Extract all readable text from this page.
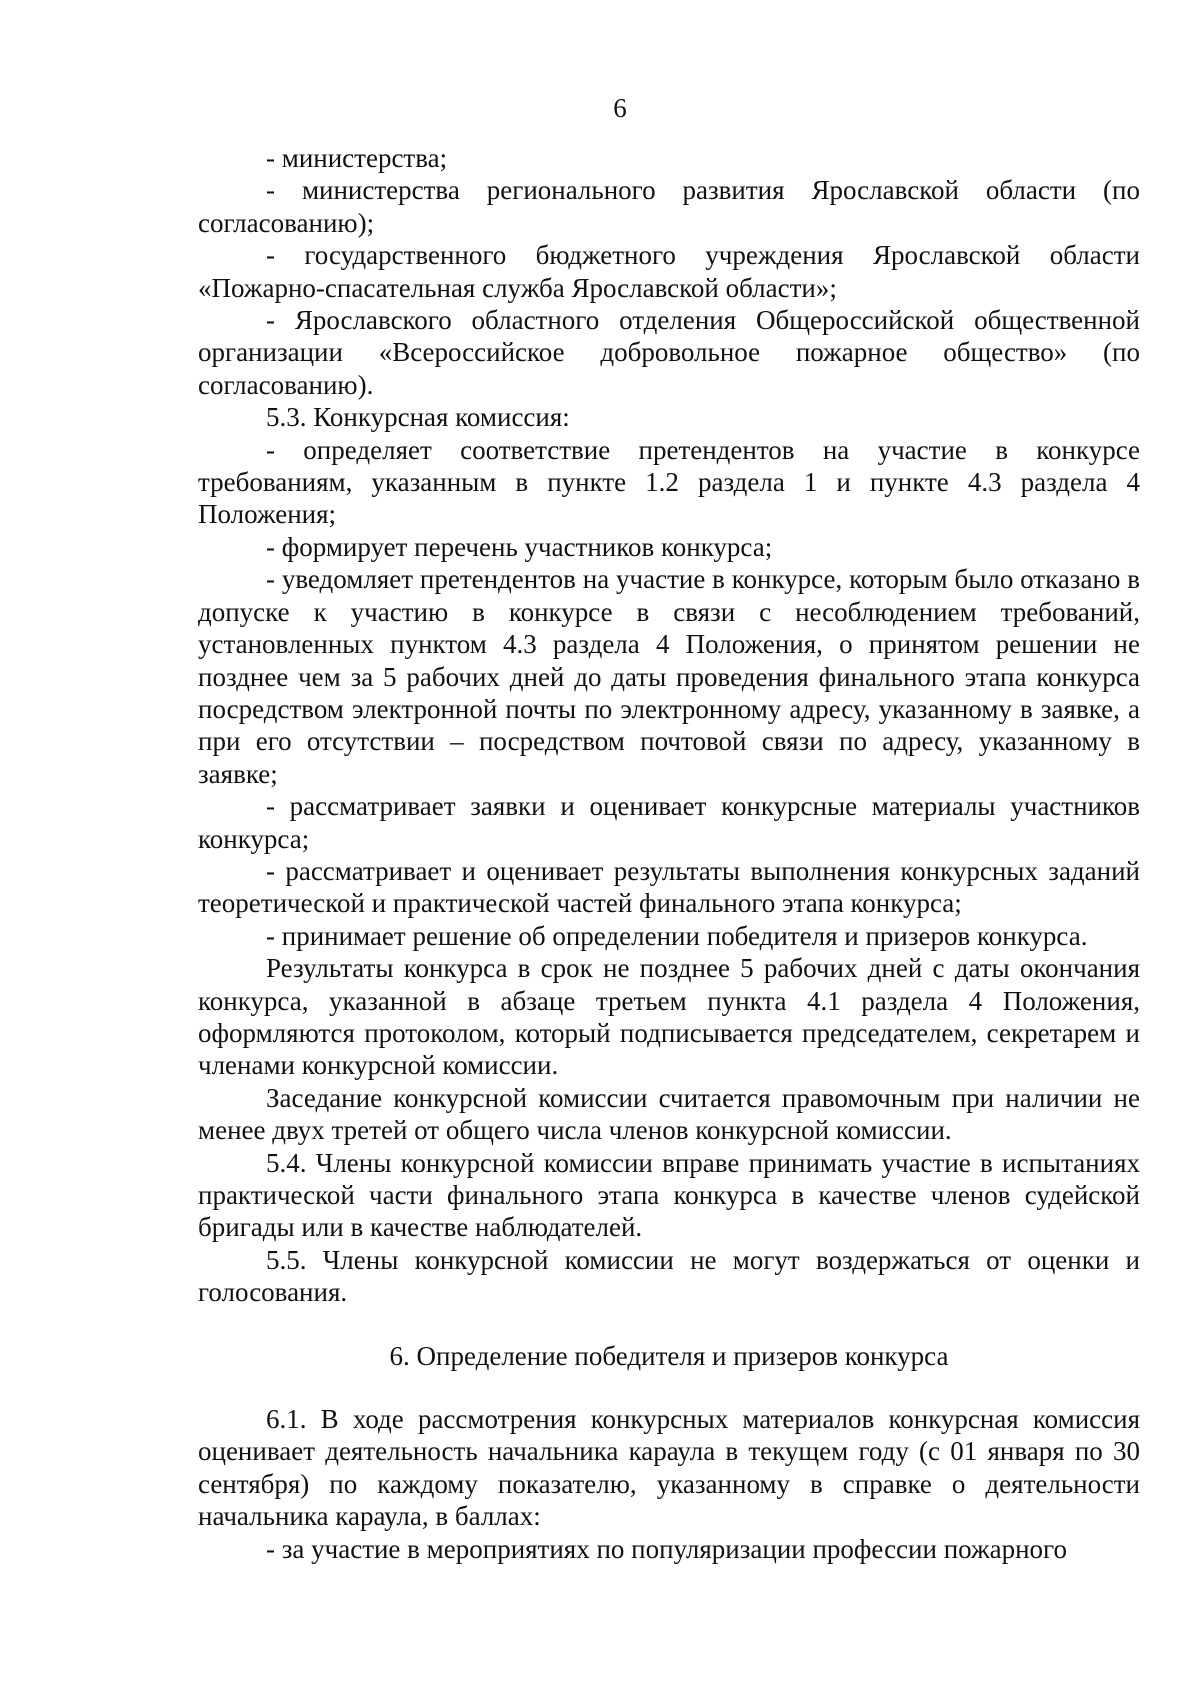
6

- министерства;

- министерства регионального развития Ярославской области (по согласованию);

- государственного бюджетного учреждения Ярославской области «Пожарно-спасательная служба Ярославской области»;

- Ярославского областного отделения Общероссийской общественной организации «Всероссийское добровольное пожарное общество» (по согласованию).

5.3. Конкурсная комиссия:

- определяет соответствие претендентов на участие в конкурсе требованиям, указанным в пункте 1.2 раздела 1 и пункте 4.3 раздела 4 Положения;

- формирует перечень участников конкурса;

- уведомляет претендентов на участие в конкурсе, которым было отказано в допуске к участию в конкурсе в связи с несоблюдением требований, установленных пунктом 4.3 раздела 4 Положения, о принятом решении не позднее чем за 5 рабочих дней до даты проведения финального этапа конкурса посредством электронной почты по электронному адресу, указанному в заявке, а при его отсутствии – посредством почтовой связи по адресу, указанному в заявке;

- рассматривает заявки и оценивает конкурсные материалы участников конкурса;

- рассматривает и оценивает результаты выполнения конкурсных заданий теоретической и практической частей финального этапа конкурса;

- принимает решение об определении победителя и призеров конкурса.

Результаты конкурса в срок не позднее 5 рабочих дней с даты окончания конкурса, указанной в абзаце третьем пункта 4.1 раздела 4 Положения, оформляются протоколом, который подписывается председателем, секретарем и членами конкурсной комиссии.

Заседание конкурсной комиссии считается правомочным при наличии не менее двух третей от общего числа членов конкурсной комиссии.

5.4. Члены конкурсной комиссии вправе принимать участие в испытаниях практической части финального этапа конкурса в качестве членов судейской бригады или в качестве наблюдателей.

5.5. Члены конкурсной комиссии не могут воздержаться от оценки и голосования.

6. Определение победителя и призеров конкурса

6.1. В ходе рассмотрения конкурсных материалов конкурсная комиссия оценивает деятельность начальника караула в текущем году (с 01 января по 30 сентября) по каждому показателю, указанному в справке о деятельности начальника караула, в баллах:

- за участие в мероприятиях по популяризации профессии пожарного
